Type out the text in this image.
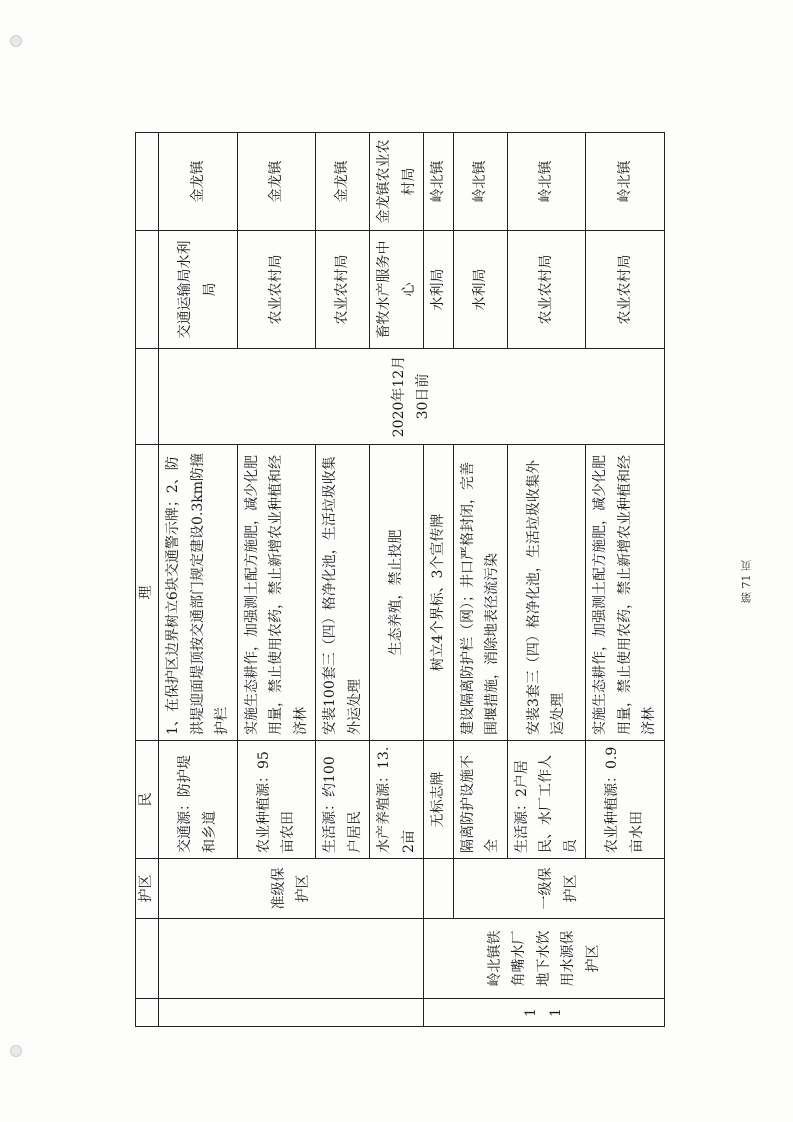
		护区	民	理			
		准级保护区	交通源：防护堤和乡道	1、在保护区边界树立6块交通警示牌；2、防洪堤迎面堤顶按交通部门规定建设0.3km防撞护栏	2020年12月30日前	交通运输局水利局	金龙镇
			农业种植源：95亩农田	实施生态耕作，加强测土配方施肥，减少化肥用量，禁止使用农药，禁止新增农业种植和经济林		农业农村局	金龙镇
			生活源：约100户居民	安装100套三（四）格净化池，生活垃圾收集外运处理		农业农村局	金龙镇
			水产养殖源：13.2亩	生态养殖，禁止投肥		畜牧水产服务中心	金龙镇农业农村局
11	岭北镇铁角嘴水厂地下水饮用水源保护区		无标志牌	树立4个界标、3个宣传牌		水利局	岭北镇
		一级保护区	隔离防护设施不全	建设隔离防护栏（网）；井口严格封闭，完善围堰措施，消除地表径流污染		水利局	岭北镇
			生活源：2户居民、水厂工作人员	安装3套三（四）格净化池，生活垃圾收集外运处理		农业农村局	岭北镇
			农业种植源：0.9亩水田	实施生态耕作，加强测土配方施肥，减少化肥用量，禁止使用农药，禁止新增农业种植和经济林		农业农村局	岭北镇
第 71 页
